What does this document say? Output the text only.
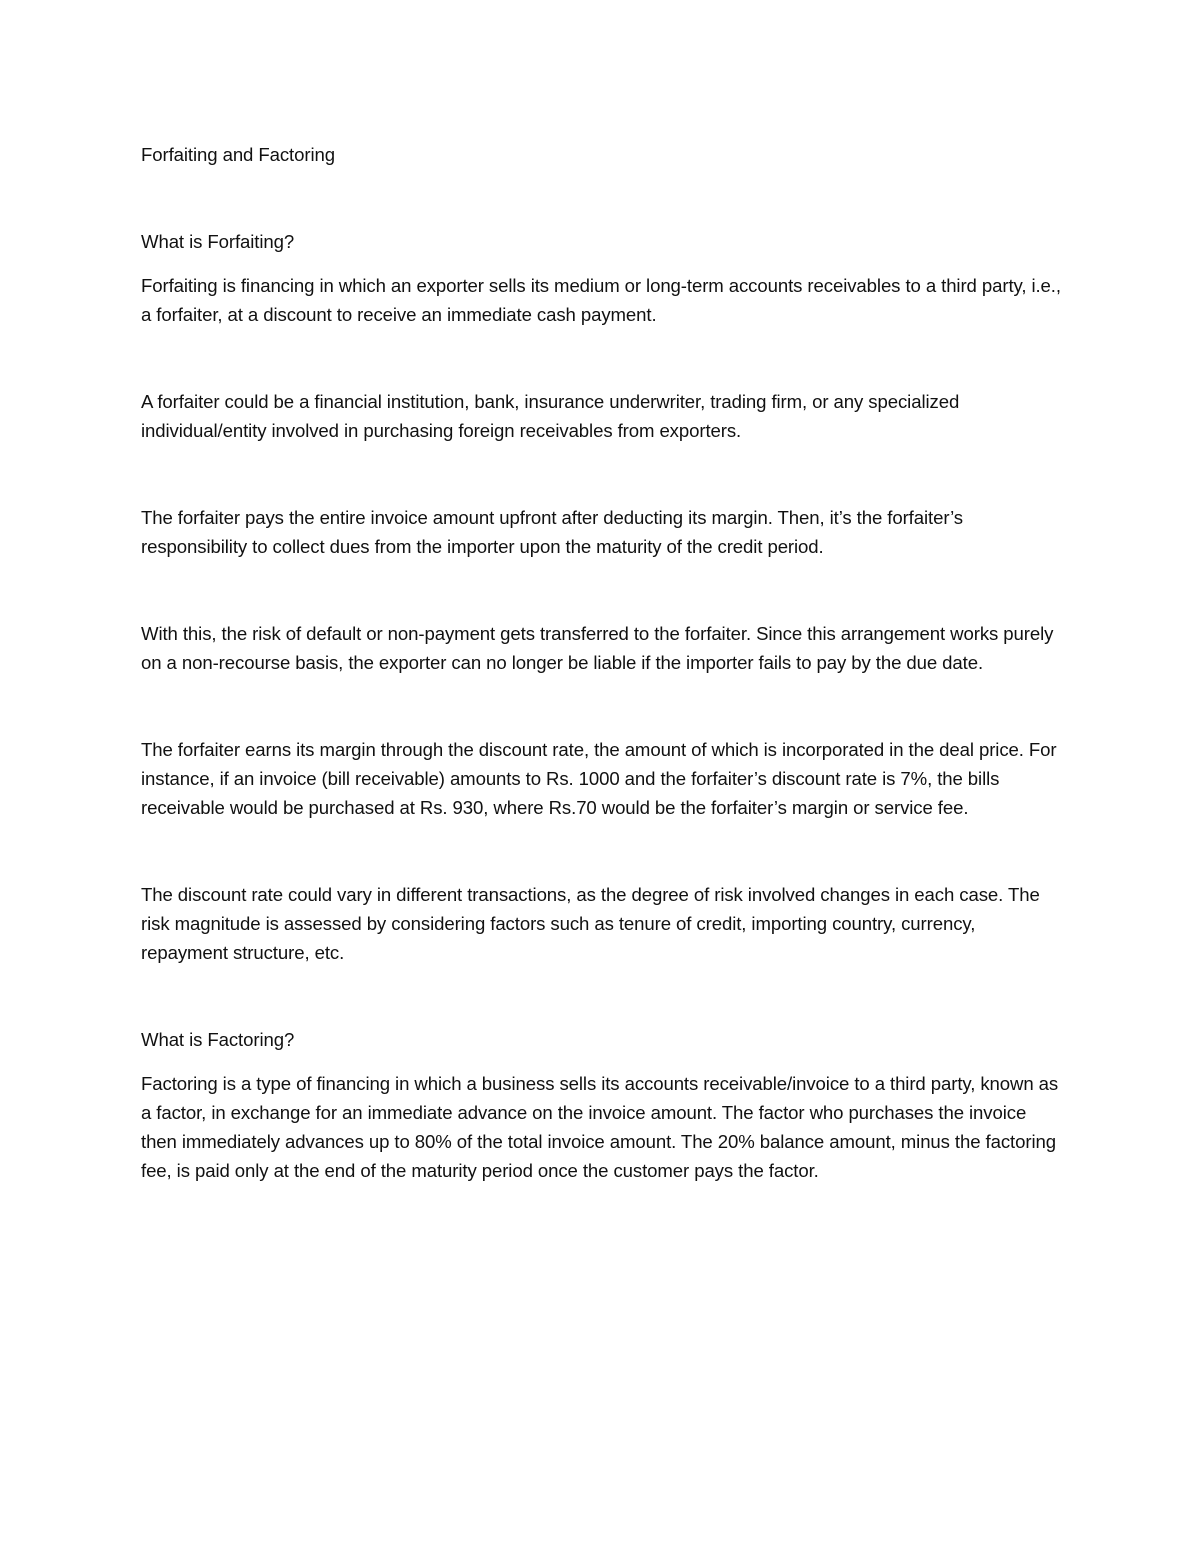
Forfaiting and Factoring
What is Forfaiting?

Forfaiting is financing in which an exporter sells its medium or long-term accounts receivables to a third party, i.e., a forfaiter, at a discount to receive an immediate cash payment.

A forfaiter could be a financial institution, bank, insurance underwriter, trading firm, or any specialized individual/entity involved in purchasing foreign receivables from exporters.

The forfaiter pays the entire invoice amount upfront after deducting its margin. Then, it’s the forfaiter’s responsibility to collect dues from the importer upon the maturity of the credit period.

With this, the risk of default or non-payment gets transferred to the forfaiter. Since this arrangement works purely on a non-recourse basis, the exporter can no longer be liable if the importer fails to pay by the due date.

The forfaiter earns its margin through the discount rate, the amount of which is incorporated in the deal price. For instance, if an invoice (bill receivable) amounts to Rs. 1000 and the forfaiter’s discount rate is 7%, the bills receivable would be purchased at Rs. 930, where Rs.70 would be the forfaiter’s margin or service fee.

The discount rate could vary in different transactions, as the degree of risk involved changes in each case. The risk magnitude is assessed by considering factors such as tenure of credit, importing country, currency, repayment structure, etc.

What is Factoring?

Factoring is a type of financing in which a business sells its accounts receivable/invoice to a third party, known as a factor, in exchange for an immediate advance on the invoice amount. The factor who purchases the invoice then immediately advances up to 80% of the total invoice amount. The 20% balance amount, minus the factoring fee, is paid only at the end of the maturity period once the customer pays the factor.
